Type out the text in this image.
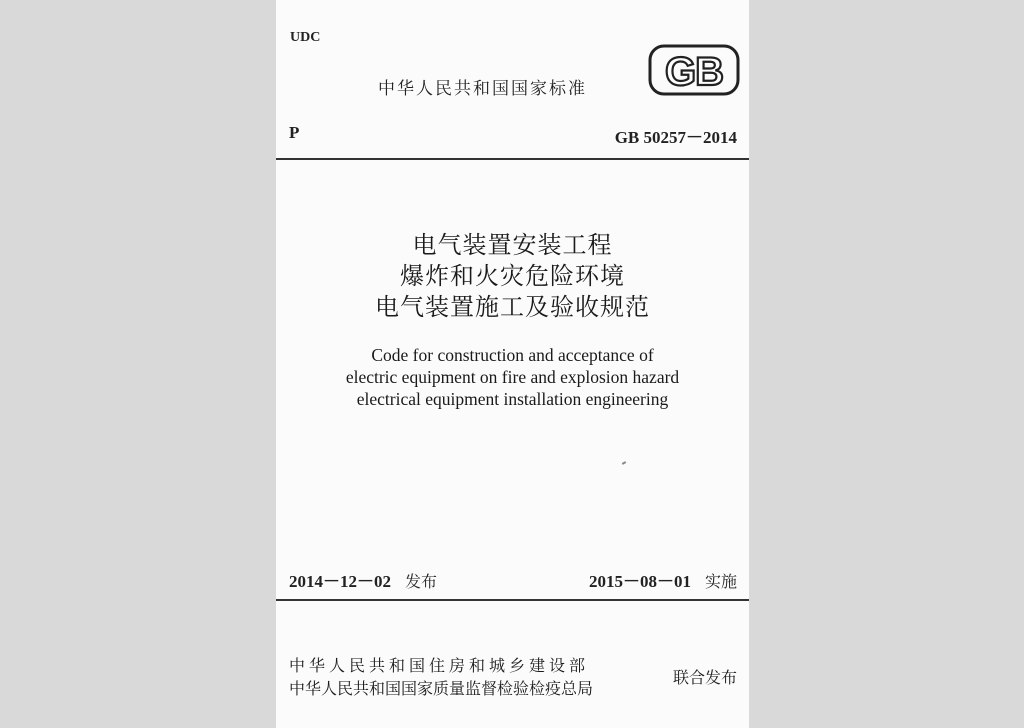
UDC
中华人民共和国国家标准 GB
P	GB 50257－2014
电气装置安装工程
爆炸和火灾危险环境
电气装置施工及验收规范
Code for construction and acceptance of
electric equipment on fire and explosion hazard
electrical equipment installation engineering
2014－12－02 发布	2015－08－01 实施
中华人民共和国住房和城乡建设部
中华人民共和国国家质量监督检验检疫总局
联合发布
